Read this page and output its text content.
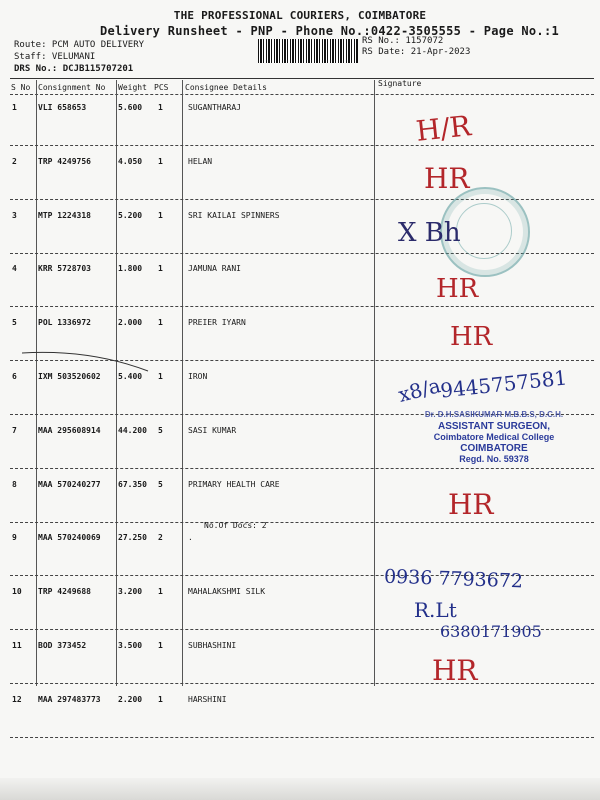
THE PROFESSIONAL COURIERS, COIMBATORE
Delivery Runsheet - PNP - Phone No.:0422-3505555 - Page No.:1
Route: PCM AUTO DELIVERY
Staff: VELUMANI
DRS No.: DCJB115707201
RS No.: 1157072
RS Date: 21-Apr-2023
S No Consignment No Weight PCS Consignee Details	Signature
1	VLI 658653	5.600 1	SUGANTHARAJ
2	TRP 4249756	4.050 1	HELAN
3	MTP 1224318	5.200 1	SRI KAILAI SPINNERS
4	KRR 5728703	1.800 1	JAMUNA RANI
5	POL 1336972	2.000 1	PREIER IYARN
6	IXM 503520602 5.400 1	IRON
7	MAA 295608914 44.200 5	SASI KUMAR
8	MAA 570240277 67.350 5	PRIMARY HEALTH CARE
9	MAA 570240069 27.250 2	.
10 TRP 4249688	3.200 1	MAHALAKSHMI SILK
11 BOD 373452	3.500 1	SUBHASHINI
12 MAA 297483773 2.200 1	HARSHINI
No.Of Docs: 2
H/R
HR
X Bh
HR
HR
x8/a
9445757581
Dr. D.H.SASIKUMAR M.B.B.S, D.C.H.
ASSISTANT SURGEON,
Coimbatore Medical College
COIMBATORE
Regd. No. 59378
HR
0936 7793672
R.Lt
6380171905
HR
